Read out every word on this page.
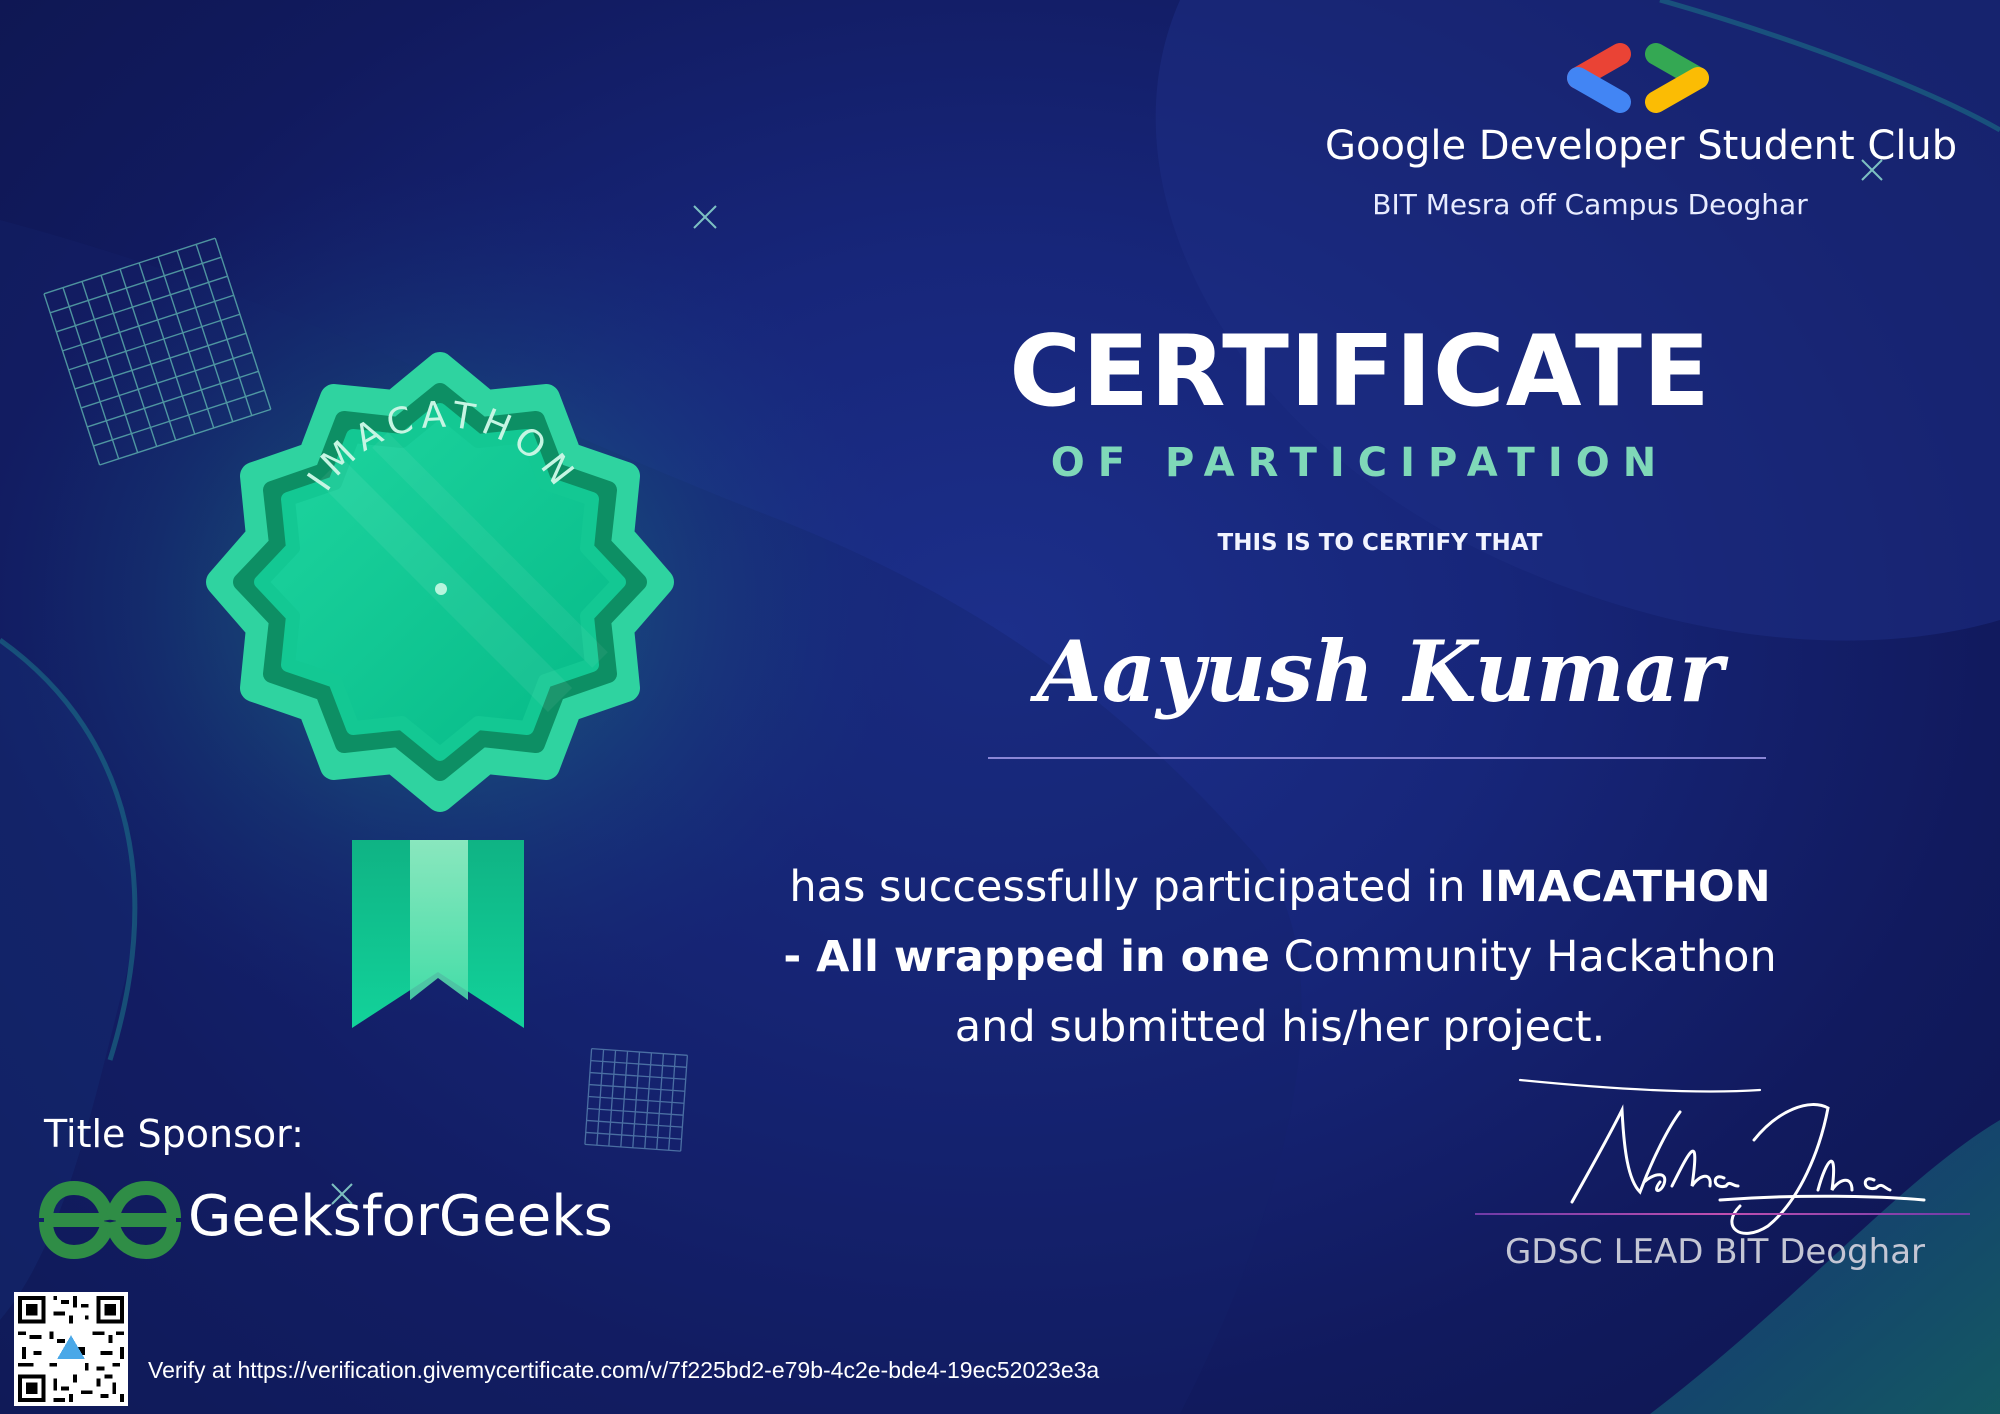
IMACATHON
Google Developer Student Club
BIT Mesra off Campus Deoghar
CERTIFICATE
OF PARTICIPATION
THIS IS TO CERTIFY THAT
Aayush Kumar
has successfully participated in IMACATHON - All wrapped in one Community Hackathon and submitted his/her project.
Title Sponsor:
GeeksforGeeks
GDSC LEAD BIT Deoghar
Verify at https://verification.givemycertificate.com/v/7f225bd2-e79b-4c2e-bde4-19ec52023e3a
